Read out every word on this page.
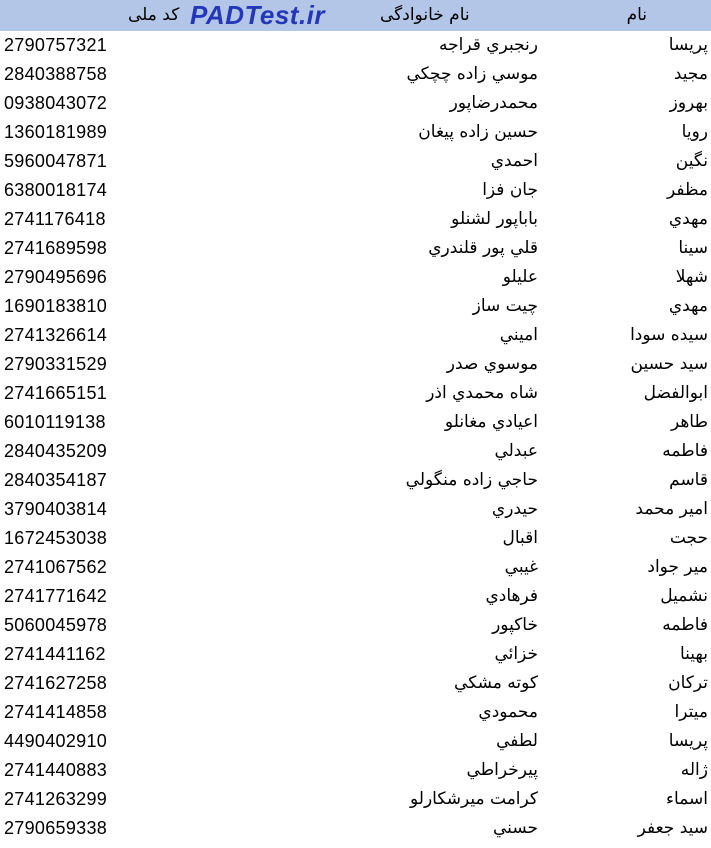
کد ملی PADTest.ir	نام خانوادگی	نام
2790757321	رنجبري قراجه	پريسا
2840388758	موسي زاده چچكي	مجيد
0938043072	محمدرضاپور	بهروز
1360181989	حسين زاده پيغان	رويا
5960047871	احمدي	نگين
6380018174	جان فزا	مظفر
2741176418	باباپور لشنلو	مهدي
2741689598	قلي پور قلندري	سينا
2790495696	عليلو	شهلا
1690183810	چيت ساز	مهدي
2741326614	اميني	سيده سودا
2790331529	موسوي صدر	سيد حسين
2741665151	شاه محمدي اذر	ابوالفضل
6010119138	اعيادي مغانلو	طاهر
2840435209	عبدلي	فاطمه
2840354187	حاجي زاده منگولي	قاسم
3790403814	حيدري	امير محمد
1672453038	اقبال	حجت
2741067562	غيبي	مير جواد
2741771642	فرهادي	نشميل
5060045978	خاكپور	فاطمه
2741441162	خزائي	بهينا
2741627258	كوته مشكي	تركان
2741414858	محمودي	ميترا
4490402910	لطفي	پريسا
2741440883	پيرخراطي	ژاله
2741263299	كرامت ميرشكارلو	اسماء
2790659338	حسني	سيد جعفر
